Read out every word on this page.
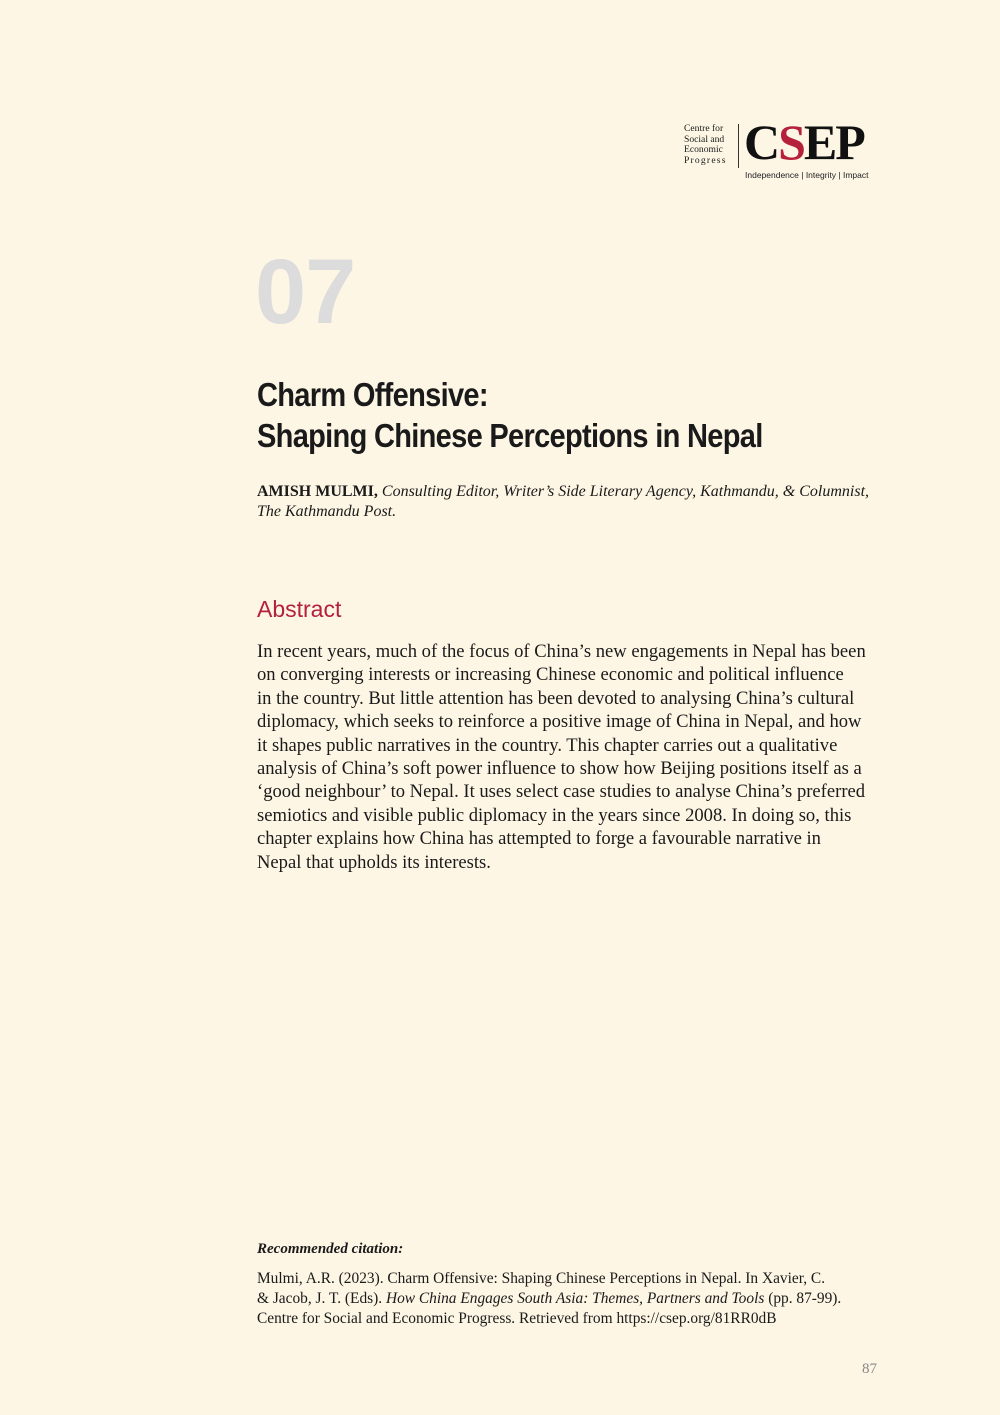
Centre for
Social and
Economic
Progress CSEP
Independence | Integrity | Impact
07
Charm Offensive:
Shaping Chinese Perceptions in Nepal
AMISH MULMI, Consulting Editor, Writer’s Side Literary Agency, Kathmandu, & Columnist,
The Kathmandu Post.
Abstract
In recent years, much of the focus of China’s new engagements in Nepal has been
on converging interests or increasing Chinese economic and political influence
in the country. But little attention has been devoted to analysing China’s cultural
diplomacy, which seeks to reinforce a positive image of China in Nepal, and how
it shapes public narratives in the country. This chapter carries out a qualitative
analysis of China’s soft power influence to show how Beijing positions itself as a
‘good neighbour’ to Nepal. It uses select case studies to analyse China’s preferred
semiotics and visible public diplomacy in the years since 2008. In doing so, this
chapter explains how China has attempted to forge a favourable narrative in
Nepal that upholds its interests.
Recommended citation:
Mulmi, A.R. (2023). Charm Offensive: Shaping Chinese Perceptions in Nepal. In Xavier, C.
& Jacob, J. T. (Eds). How China Engages South Asia: Themes, Partners and Tools (pp. 87-99).
Centre for Social and Economic Progress. Retrieved from https://csep.org/81RR0dB
87
